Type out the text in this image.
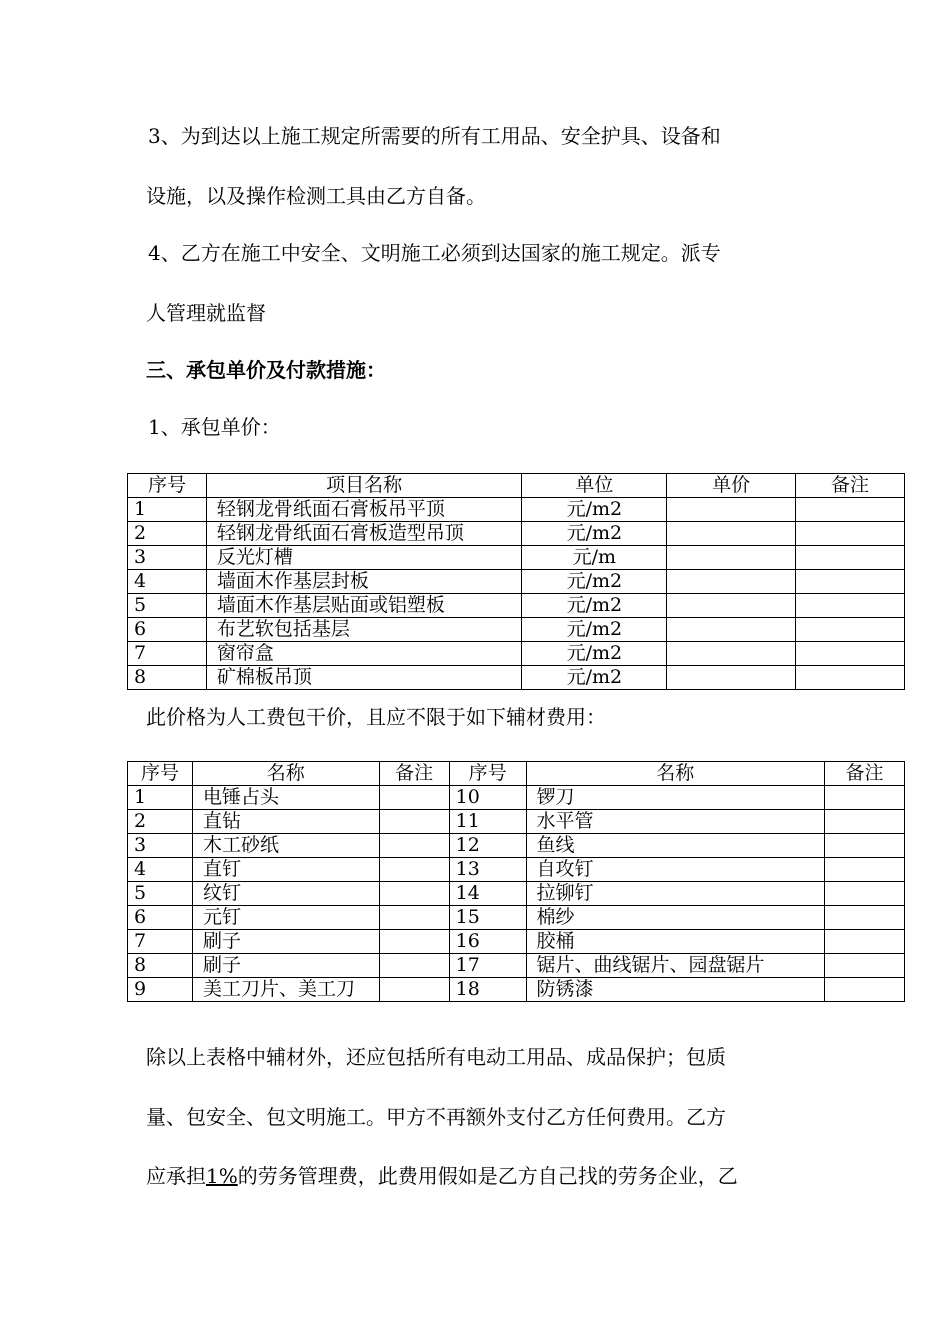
3、为到达以上施工规定所需要的所有工用品、安全护具、设备和
设施，以及操作检测工具由乙方自备。
4、乙方在施工中安全、文明施工必须到达国家的施工规定。派专
人管理就监督
三、承包单价及付款措施：
1、承包单价：
序号	项目名称	单位	单价	备注
1	轻钢龙骨纸面石膏板吊平顶	元/m2		
2	轻钢龙骨纸面石膏板造型吊顶	元/m2		
3	反光灯槽	元/m		
4	墙面木作基层封板	元/m2		
5	墙面木作基层贴面或铝塑板	元/m2		
6	布艺软包括基层	元/m2		
7	窗帘盒	元/m2		
8	矿棉板吊顶	元/m2		
此价格为人工费包干价，且应不限于如下辅材费用：
序号	名称	备注	序号	名称	备注
1	电锤占头		10	锣刀	
2	直钻		11	水平管	
3	木工砂纸		12	鱼线	
4	直钉		13	自攻钉	
5	纹钉		14	拉铆钉	
6	元钉		15	棉纱	
7	刷子		16	胶桶	
8	刷子		17	锯片、曲线锯片、园盘锯片	
9	美工刀片、美工刀		18	防锈漆	
除以上表格中辅材外，还应包括所有电动工用品、成品保护；包质
量、包安全、包文明施工。甲方不再额外支付乙方任何费用。乙方
应承担1%的劳务管理费，此费用假如是乙方自己找的劳务企业，乙
